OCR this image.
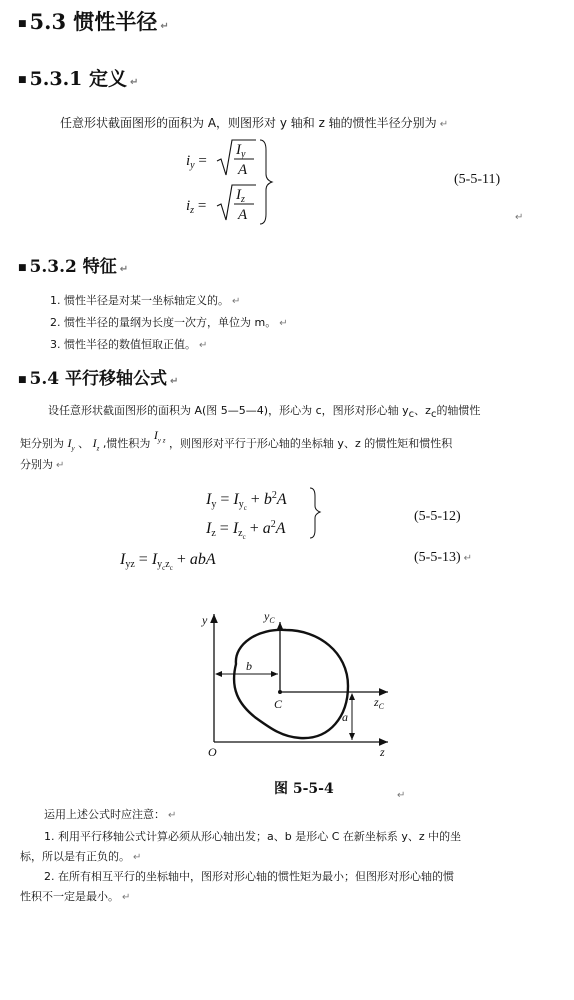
■ 5.3 惯性半径 ↵
■ 5.3.1 定义 ↵
任意形状截面图形的面积为 A，则图形对 y 轴和 z 轴的惯性半径分别为 ↵
$i_y$ =
$I_y$
A
$i_z$ =
$I_z$
A
(5-5-11)
↵
■ 5.3.2 特征 ↵
1. 惯性半径是对某一坐标轴定义的。 ↵
2. 惯性半径的量纲为长度一次方，单位为 m。 ↵
3. 惯性半径的数值恒取正值。 ↵
■ 5.4 平行移轴公式 ↵
设任意形状截面图形的面积为 A(图 5—5—4)，形心为 c，图形对形心轴 $y_c$、$z_c$的轴惯性
矩分别为 $I_y$ 、 $I_z$ ,惯性积为 $I_{y z}$ ，则图形对平行于形心轴的坐标轴 y、z 的惯性矩和惯性积
分别为 ↵
Iy = Iyc + $b^2A$
Iz = Izc + $a^2A$
Iyz = Iyczc + abA
(5-5-12)
(5-5-13) ↵
y	$y_C$
b
C	$z_C$
a
O	z
图 5-5-4	↵
运用上述公式时应注意： ↵
1. 利用平行移轴公式计算必须从形心轴出发；a、b 是形心 C 在新坐标系 y、z 中的坐
标，所以是有正负的。 ↵
2. 在所有相互平行的坐标轴中，图形对形心轴的惯性矩为最小；但图形对形心轴的惯
性积不一定是最小。 ↵
